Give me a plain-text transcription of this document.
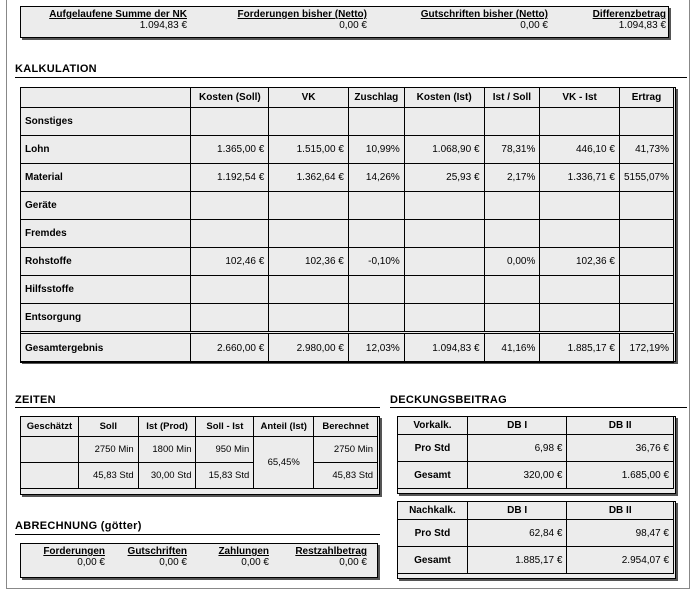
Aufgelaufene Summe der NK
1.094,83 €
Forderungen bisher (Netto)
0,00 €
Gutschriften bisher (Netto)
0,00 €
Differenzbetrag
1.094,83 €
KALKULATION
	Kosten (Soll)	VK	Zuschlag	Kosten (Ist)	Ist / Soll	VK - Ist	Ertrag
Sonstiges							
Lohn	1.365,00 €	1.515,00 €	10,99%	1.068,90 €	78,31%	446,10 €	41,73%
Material	1.192,54 €	1.362,64 €	14,26%	25,93 €	2,17%	1.336,71 €	5155,07%
Geräte							
Fremdes							
Rohstoffe	102,46 €	102,36 €	-0,10%		0,00%	102,36 €	
Hilfsstoffe							
Entsorgung							
Gesamtergebnis	2.660,00 €	2.980,00 €	12,03%	1.094,83 €	41,16%	1.885,17 €	172,19%
ZEITEN
Geschätzt	Soll	Ist (Prod)	Soll - Ist	Anteil (Ist)	Berechnet
	2750 Min	1800 Min	950 Min	65,45%	2750 Min
	45,83 Std	30,00 Std	15,83 Std		45,83 Std
ABRECHNUNG (götter)
Forderungen
0,00 €
Gutschriften
0,00 €
Zahlungen
0,00 €
Restzahlbetrag
0,00 €
DECKUNGSBEITRAG
Vorkalk.	DB I	DB II
Pro Std	6,98 €	36,76 €
Gesamt	320,00 €	1.685,00 €
Nachkalk.	DB I	DB II
Pro Std	62,84 €	98,47 €
Gesamt	1.885,17 €	2.954,07 €
